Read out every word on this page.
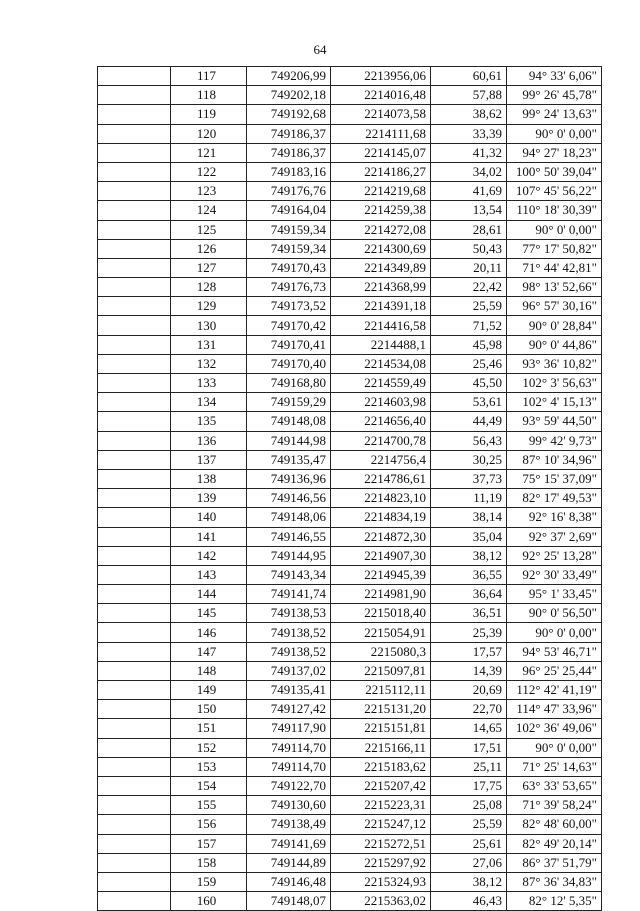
64
	117	749206,99	2213956,06	60,61	94° 33' 6,06"
	118	749202,18	2214016,48	57,88	99° 26' 45,78"
	119	749192,68	2214073,58	38,62	99° 24' 13,63"
	120	749186,37	2214111,68	33,39	90° 0' 0,00"
	121	749186,37	2214145,07	41,32	94° 27' 18,23"
	122	749183,16	2214186,27	34,02	100° 50' 39,04"
	123	749176,76	2214219,68	41,69	107° 45' 56,22"
	124	749164,04	2214259,38	13,54	110° 18' 30,39"
	125	749159,34	2214272,08	28,61	90° 0' 0,00"
	126	749159,34	2214300,69	50,43	77° 17' 50,82"
	127	749170,43	2214349,89	20,11	71° 44' 42,81"
	128	749176,73	2214368,99	22,42	98° 13' 52,66"
	129	749173,52	2214391,18	25,59	96° 57' 30,16"
	130	749170,42	2214416,58	71,52	90° 0' 28,84"
	131	749170,41	2214488,1	45,98	90° 0' 44,86"
	132	749170,40	2214534,08	25,46	93° 36' 10,82"
	133	749168,80	2214559,49	45,50	102° 3' 56,63"
	134	749159,29	2214603,98	53,61	102° 4' 15,13"
	135	749148,08	2214656,40	44,49	93° 59' 44,50"
	136	749144,98	2214700,78	56,43	99° 42' 9,73"
	137	749135,47	2214756,4	30,25	87° 10' 34,96"
	138	749136,96	2214786,61	37,73	75° 15' 37,09"
	139	749146,56	2214823,10	11,19	82° 17' 49,53"
	140	749148,06	2214834,19	38,14	92° 16' 8,38"
	141	749146,55	2214872,30	35,04	92° 37' 2,69"
	142	749144,95	2214907,30	38,12	92° 25' 13,28"
	143	749143,34	2214945,39	36,55	92° 30' 33,49"
	144	749141,74	2214981,90	36,64	95° 1' 33,45"
	145	749138,53	2215018,40	36,51	90° 0' 56,50"
	146	749138,52	2215054,91	25,39	90° 0' 0,00"
	147	749138,52	2215080,3	17,57	94° 53' 46,71"
	148	749137,02	2215097,81	14,39	96° 25' 25,44"
	149	749135,41	2215112,11	20,69	112° 42' 41,19"
	150	749127,42	2215131,20	22,70	114° 47' 33,96"
	151	749117,90	2215151,81	14,65	102° 36' 49,06"
	152	749114,70	2215166,11	17,51	90° 0' 0,00"
	153	749114,70	2215183,62	25,11	71° 25' 14,63"
	154	749122,70	2215207,42	17,75	63° 33' 53,65"
	155	749130,60	2215223,31	25,08	71° 39' 58,24"
	156	749138,49	2215247,12	25,59	82° 48' 60,00"
	157	749141,69	2215272,51	25,61	82° 49' 20,14"
	158	749144,89	2215297,92	27,06	86° 37' 51,79"
	159	749146,48	2215324,93	38,12	87° 36' 34,83"
	160	749148,07	2215363,02	46,43	82° 12' 5,35"
